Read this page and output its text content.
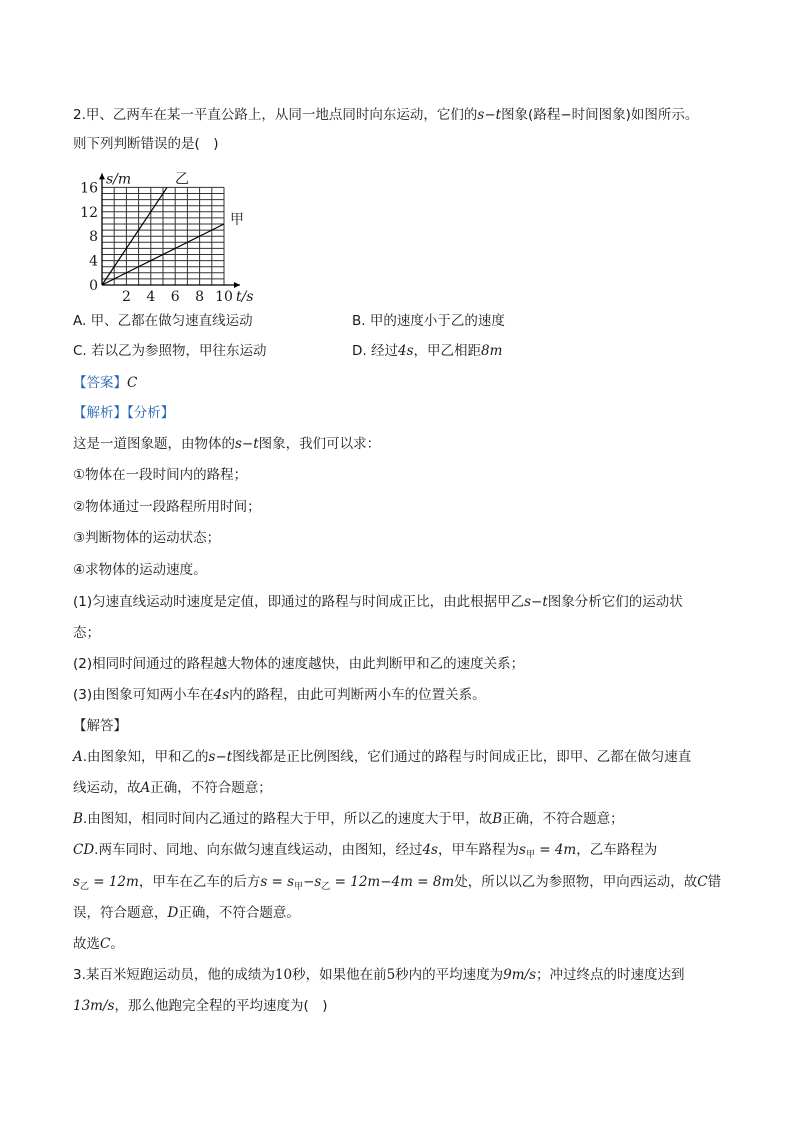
2.甲、乙两车在某一平直公路上，从同一地点同时向东运动，它们的s−t图象(路程−时间图象)如图所示。
则下列判断错误的是(　)
2 4 6 8 10
4
8
12
16
0
t/s
s/m	乙
甲
A. 甲、乙都在做匀速直线运动	B. 甲的速度小于乙的速度
C. 若以乙为参照物，甲往东运动	D. 经过4s，甲乙相距8m
【答案】C
【解析】【分析】
这是一道图象题，由物体的s−t图象，我们可以求：
①物体在一段时间内的路程；
②物体通过一段路程所用时间；
③判断物体的运动状态；
④求物体的运动速度。
(1)匀速直线运动时速度是定值，即通过的路程与时间成正比，由此根据甲乙s−t图象分析它们的运动状
态；
(2)相同时间通过的路程越大物体的速度越快，由此判断甲和乙的速度关系；
(3)由图象可知两小车在4s内的路程，由此可判断两小车的位置关系。
【解答】
A.由图象知，甲和乙的s−t图线都是正比例图线，它们通过的路程与时间成正比，即甲、乙都在做匀速直
线运动，故A正确，不符合题意；
B.由图知，相同时间内乙通过的路程大于甲，所以乙的速度大于甲，故B正确，不符合题意；
CD.两车同时、同地、向东做匀速直线运动，由图知，经过4s，甲车路程为$s_甲 = 4m$，乙车路程为
$s_乙 = 12m$，甲车在乙车的后方$s = s_甲-s_乙 = 12m-4m = 8m$处，所以以乙为参照物，甲向西运动，故C错
误，符合题意，D正确，不符合题意。
故选C。
3.某百米短跑运动员，他的成绩为10秒，如果他在前5秒内的平均速度为9m/s；冲过终点的时速度达到
13m/s，那么他跑完全程的平均速度为(　)
